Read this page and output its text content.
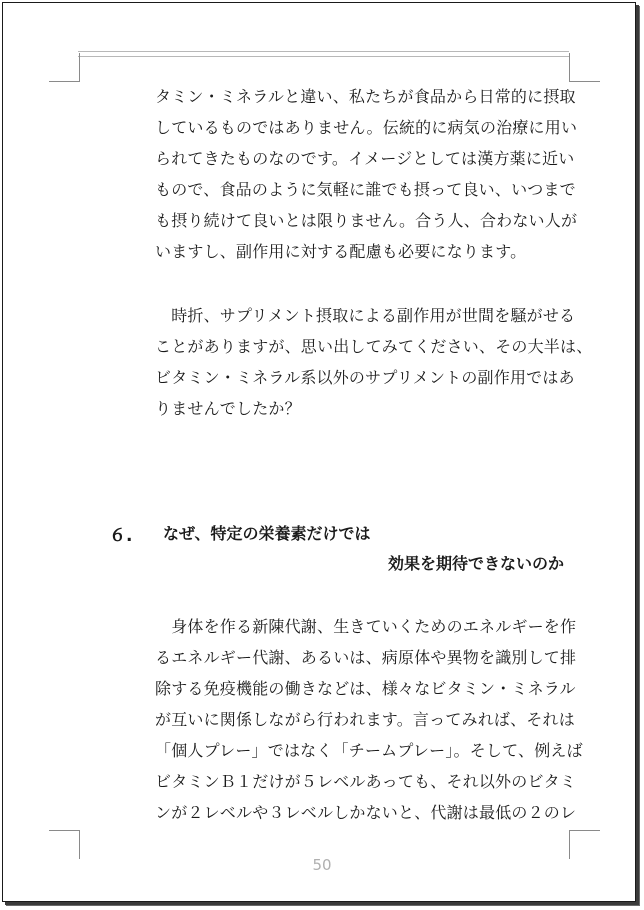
タミン・ミネラルと違い、私たちが食品から日常的に摂取
しているものではありません。伝統的に病気の治療に用い
られてきたものなのです。イメージとしては漢方薬に近い
もので、食品のように気軽に誰でも摂って良い、いつまで
も摂り続けて良いとは限りません。合う人、合わない人が
いますし、副作用に対する配慮も必要になります。
　時折、サプリメント摂取による副作用が世間を騒がせる
ことがありますが、思い出してみてください、その大半は、
ビタミン・ミネラル系以外のサプリメントの副作用ではあ
りませんでしたか？
６. なぜ、特定の栄養素だけでは
効果を期待できないのか
　身体を作る新陳代謝、生きていくためのエネルギーを作
るエネルギー代謝、あるいは、病原体や異物を識別して排
除する免疫機能の働きなどは、様々なビタミン・ミネラル
が互いに関係しながら行われます。言ってみれば、それは
「個人プレー」ではなく「チームプレー」。そして、例えば
ビタミンＢ１だけが５レベルあっても、それ以外のビタミ
ンが２レベルや３レベルしかないと、代謝は最低の２のレ
50
